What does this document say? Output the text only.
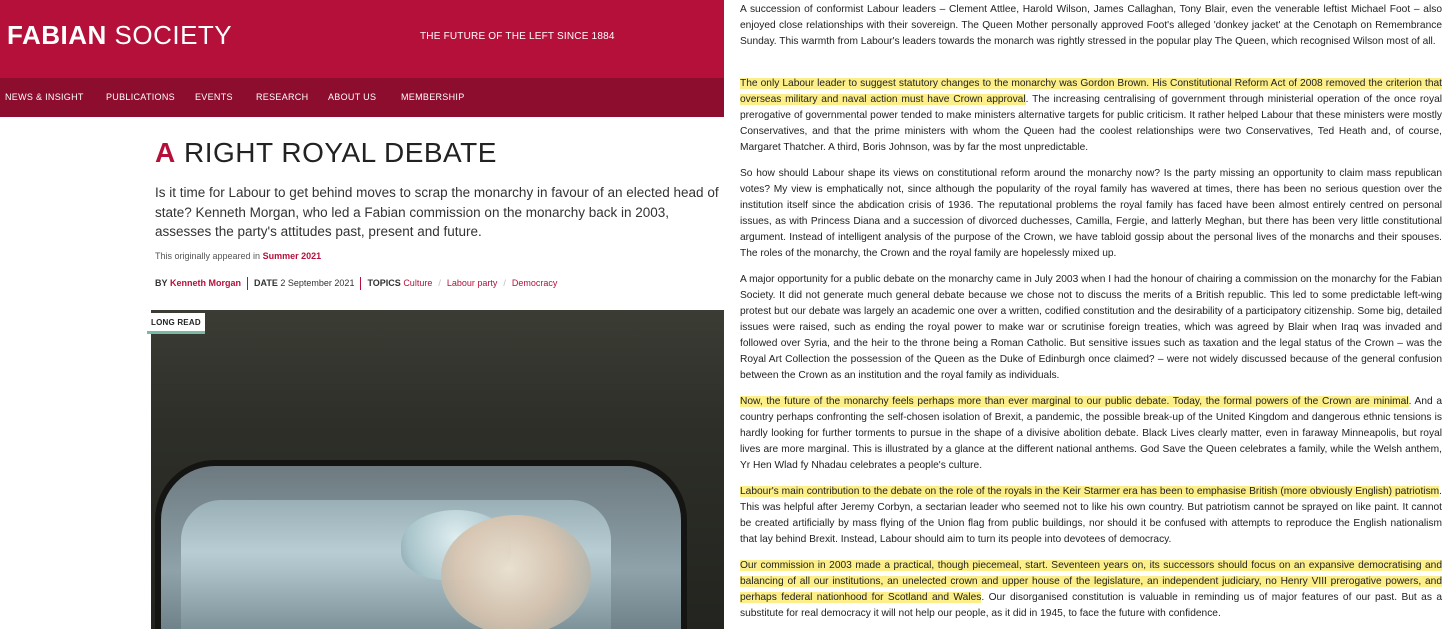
FABIAN SOCIETY	THE FUTURE OF THE LEFT SINCE 1884
NEWS & INSIGHT PUBLICATIONS EVENTS	RESEARCH ABOUT US	MEMBERSHIP
A RIGHT ROYAL DEBATE
Is it time for Labour to get behind moves to scrap the monarchy in favour of an elected head of state? Kenneth Morgan, who led a Fabian commission on the monarchy back in 2003, assesses the party's attitudes past, present and future.
This originally appeared in Summer 2021
BY Kenneth Morgan DATE 2 September 2021 TOPICS Culture / Labour party / Democracy
LONG READ
A succession of conformist Labour leaders – Clement Attlee, Harold Wilson, James Callaghan, Tony Blair, even the venerable leftist Michael Foot – also enjoyed close relationships with their sovereign. The Queen Mother personally approved Foot's alleged 'donkey jacket' at the Cenotaph on Remembrance Sunday. This warmth from Labour's leaders towards the monarch was rightly stressed in the popular play The Queen, which recognised Wilson most of all.
The only Labour leader to suggest statutory changes to the monarchy was Gordon Brown. His Constitutional Reform Act of 2008 removed the criterion that overseas military and naval action must have Crown approval. The increasing centralising of government through ministerial operation of the once royal prerogative of governmental power tended to make ministers alternative targets for public criticism. It rather helped Labour that these ministers were mostly Conservatives, and that the prime ministers with whom the Queen had the coolest relationships were two Conservatives, Ted Heath and, of course, Margaret Thatcher. A third, Boris Johnson, was by far the most unpredictable.
So how should Labour shape its views on constitutional reform around the monarchy now? Is the party missing an opportunity to claim mass republican votes? My view is emphatically not, since although the popularity of the royal family has wavered at times, there has been no serious question over the institution itself since the abdication crisis of 1936. The reputational problems the royal family has faced have been almost entirely centred on personal issues, as with Princess Diana and a succession of divorced duchesses, Camilla, Fergie, and latterly Meghan, but there has been very little constitutional argument. Instead of intelligent analysis of the purpose of the Crown, we have tabloid gossip about the personal lives of the monarchs and their spouses. The roles of the monarchy, the Crown and the royal family are hopelessly mixed up.
A major opportunity for a public debate on the monarchy came in July 2003 when I had the honour of chairing a commission on the monarchy for the Fabian Society. It did not generate much general debate because we chose not to discuss the merits of a British republic. This led to some predictable left-wing protest but our debate was largely an academic one over a written, codified constitution and the desirability of a participatory citizenship. Some big, detailed issues were raised, such as ending the royal power to make war or scrutinise foreign treaties, which was agreed by Blair when Iraq was invaded and followed over Syria, and the heir to the throne being a Roman Catholic. But sensitive issues such as taxation and the legal status of the Crown – was the Royal Art Collection the possession of the Queen as the Duke of Edinburgh once claimed? – were not widely discussed because of the general confusion between the Crown as an institution and the royal family as individuals.
Now, the future of the monarchy feels perhaps more than ever marginal to our public debate. Today, the formal powers of the Crown are minimal. And a country perhaps confronting the self-chosen isolation of Brexit, a pandemic, the possible break-up of the United Kingdom and dangerous ethnic tensions is hardly looking for further torments to pursue in the shape of a divisive abolition debate. Black Lives clearly matter, even in faraway Minneapolis, but royal lives are more marginal. This is illustrated by a glance at the different national anthems. God Save the Queen celebrates a family, while the Welsh anthem, Yr Hen Wlad fy Nhadau celebrates a people's culture.
Labour's main contribution to the debate on the role of the royals in the Keir Starmer era has been to emphasise British (more obviously English) patriotism. This was helpful after Jeremy Corbyn, a sectarian leader who seemed not to like his own country. But patriotism cannot be sprayed on like paint. It cannot be created artificially by mass flying of the Union flag from public buildings, nor should it be confused with attempts to reproduce the English nationalism that lay behind Brexit. Instead, Labour should aim to turn its people into devotees of democracy.
Our commission in 2003 made a practical, though piecemeal, start. Seventeen years on, its successors should focus on an expansive democratising and balancing of all our institutions, an unelected crown and upper house of the legislature, an independent judiciary, no Henry VIII prerogative powers, and perhaps federal nationhood for Scotland and Wales. Our disorganised constitution is valuable in reminding us of major features of our past. But as a substitute for real democracy it will not help our people, as it did in 1945, to face the future with confidence.
